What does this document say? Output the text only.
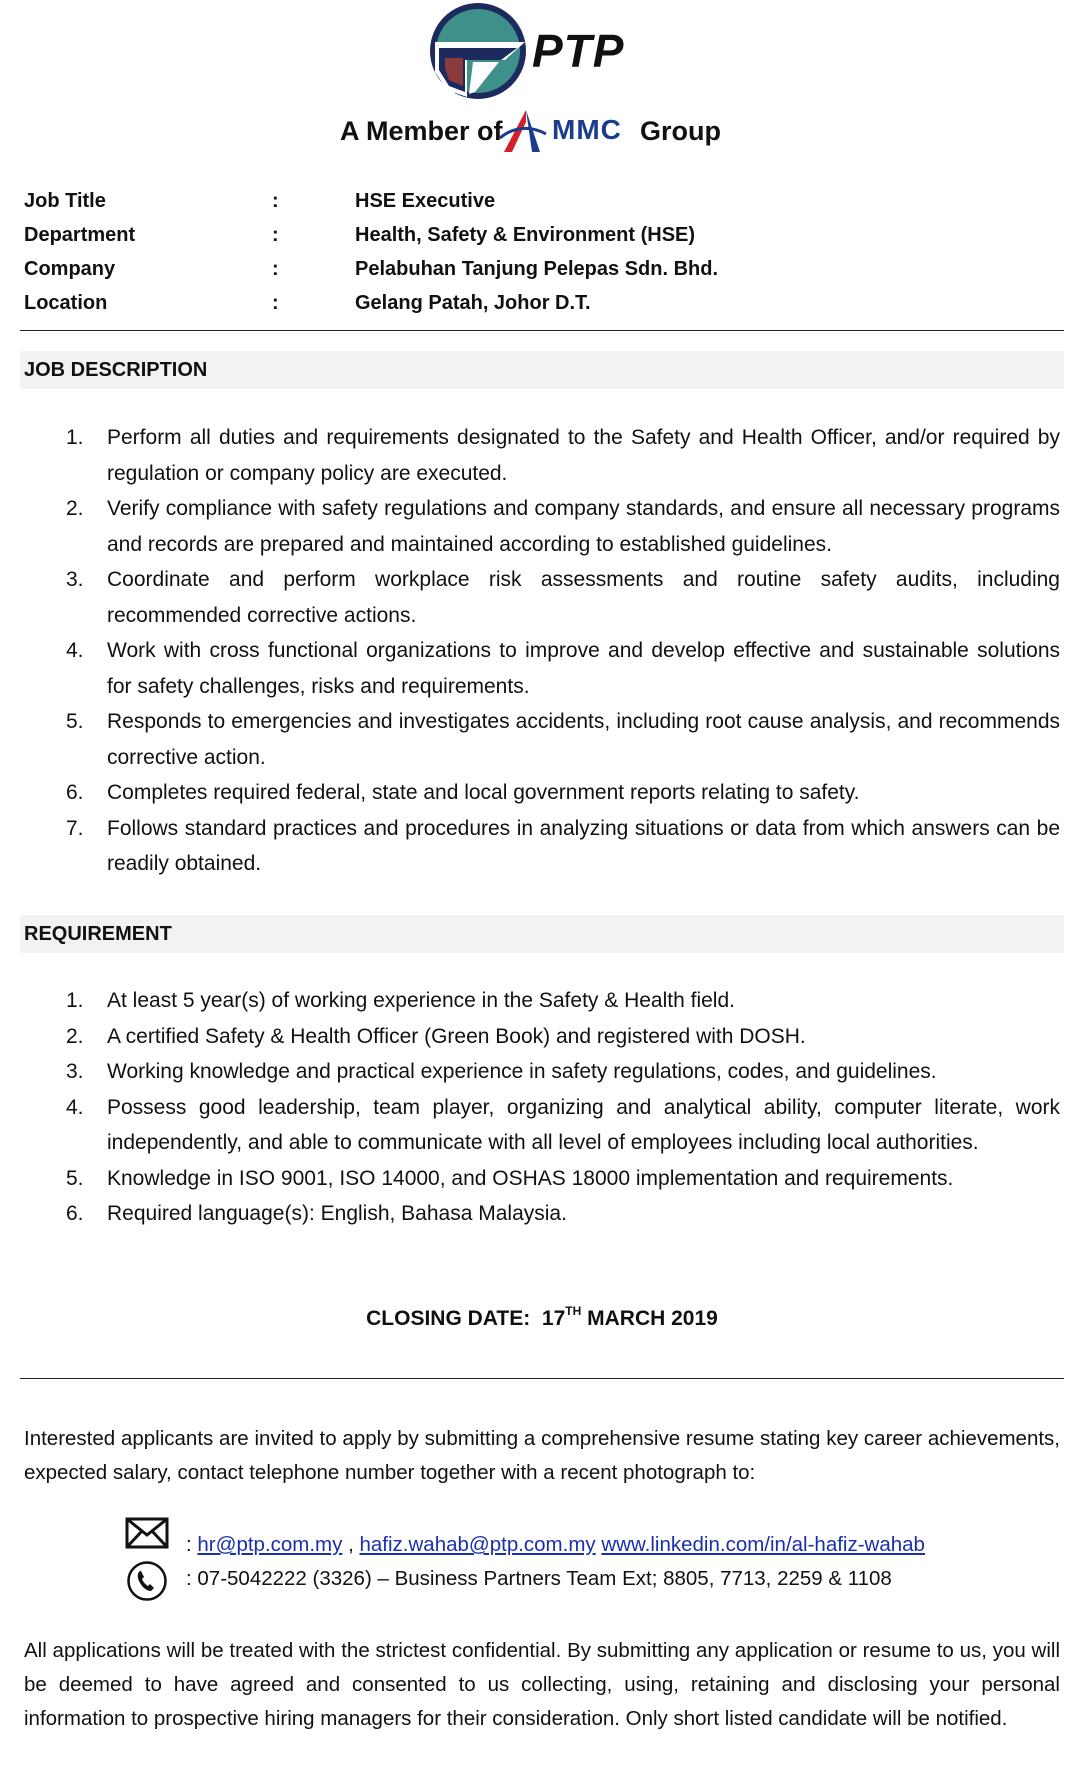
PTP
A Member of MMC Group
Job Title	:	HSE Executive
Department	:	Health, Safety & Environment (HSE)
Company	:	Pelabuhan Tanjung Pelepas Sdn. Bhd.
Location	:	Gelang Patah, Johor D.T.
JOB DESCRIPTION
1. Perform all duties and requirements designated to the Safety and Health Officer, and/or required by regulation or company policy are executed.
2. Verify compliance with safety regulations and company standards, and ensure all necessary programs and records are prepared and maintained according to established guidelines.
3. Coordinate and perform workplace risk assessments and routine safety audits, including recommended corrective actions.
4. Work with cross functional organizations to improve and develop effective and sustainable solutions for safety challenges, risks and requirements.
5. Responds to emergencies and investigates accidents, including root cause analysis, and recommends corrective action.
6. Completes required federal, state and local government reports relating to safety.
7. Follows standard practices and procedures in analyzing situations or data from which answers can be readily obtained.
REQUIREMENT
1. At least 5 year(s) of working experience in the Safety & Health field.
2. A certified Safety & Health Officer (Green Book) and registered with DOSH.
3. Working knowledge and practical experience in safety regulations, codes, and guidelines.
4. Possess good leadership, team player, organizing and analytical ability, computer literate, work independently, and able to communicate with all level of employees including local authorities.
5. Knowledge in ISO 9001, ISO 14000, and OSHAS 18000 implementation and requirements.
6. Required language(s): English, Bahasa Malaysia.
CLOSING DATE: 17TH MARCH 2019
Interested applicants are invited to apply by submitting a comprehensive resume stating key career achievements, expected salary, contact telephone number together with a recent photograph to:
: hr@ptp.com.my , hafiz.wahab@ptp.com.my www.linkedin.com/in/al-hafiz-wahab
: 07-5042222 (3326) – Business Partners Team Ext; 8805, 7713, 2259 & 1108
All applications will be treated with the strictest confidential. By submitting any application or resume to us, you will be deemed to have agreed and consented to us collecting, using, retaining and disclosing your personal information to prospective hiring managers for their consideration. Only short listed candidate will be notified.
